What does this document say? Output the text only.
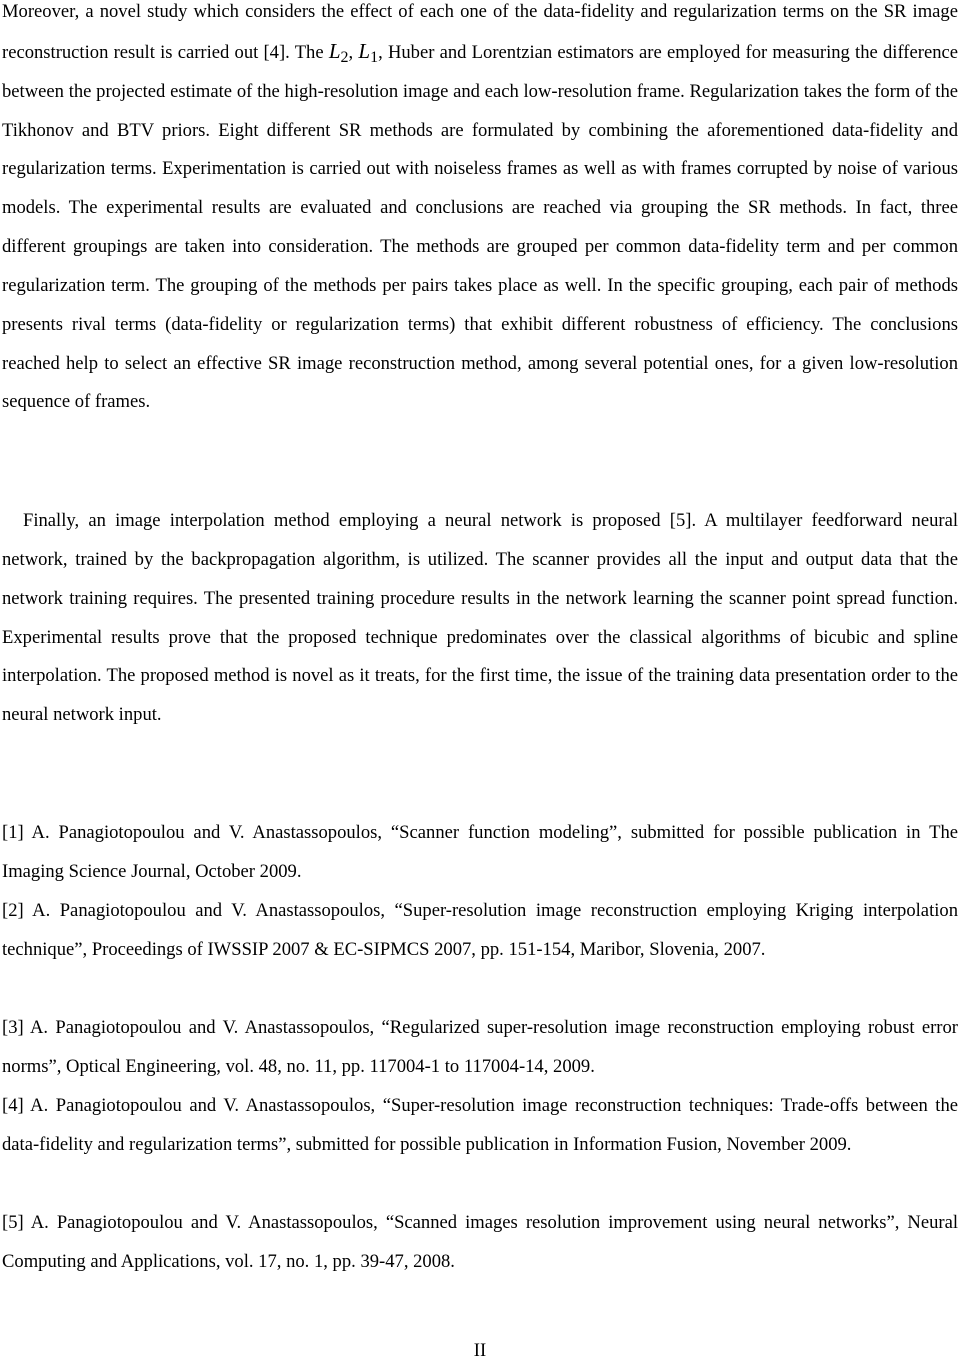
Moreover, a novel study which considers the effect of each one of the data-fidelity and regularization terms on the SR image reconstruction result is carried out [4]. The $L_2$, $L_1$, Huber and Lorentzian estimators are employed for measuring the difference between the projected estimate of the high-resolution image and each low-resolution frame. Regularization takes the form of the Tikhonov and BTV priors. Eight different SR methods are formulated by combining the aforementioned data-fidelity and regularization terms. Experimentation is carried out with noiseless frames as well as with frames corrupted by noise of various models. The experimental results are evaluated and conclusions are reached via grouping the SR methods. In fact, three different groupings are taken into consideration. The methods are grouped per common data-fidelity term and per common regularization term. The grouping of the methods per pairs takes place as well. In the specific grouping, each pair of methods presents rival terms (data-fidelity or regularization terms) that exhibit different robustness of efficiency. The conclusions reached help to select an effective SR image reconstruction method, among several potential ones, for a given low-resolution sequence of frames.

Finally, an image interpolation method employing a neural network is proposed [5]. A multilayer feedforward neural network, trained by the backpropagation algorithm, is utilized. The scanner provides all the input and output data that the network training requires. The presented training procedure results in the network learning the scanner point spread function. Experimental results prove that the proposed technique predominates over the classical algorithms of bicubic and spline interpolation. The proposed method is novel as it treats, for the first time, the issue of the training data presentation order to the neural network input.

[1] A. Panagiotopoulou and V. Anastassopoulos, “Scanner function modeling”, submitted for possible publication in The Imaging Science Journal, October 2009.

[2] A. Panagiotopoulou and V. Anastassopoulos, “Super-resolution image reconstruction employing Kriging interpolation technique”, Proceedings of IWSSIP 2007 & EC-SIPMCS 2007, pp. 151-154, Maribor, Slovenia, 2007.

[3] A. Panagiotopoulou and V. Anastassopoulos, “Regularized super-resolution image reconstruction employing robust error norms”, Optical Engineering, vol. 48, no. 11, pp. 117004-1 to 117004-14, 2009.

[4] A. Panagiotopoulou and V. Anastassopoulos, “Super-resolution image reconstruction techniques: Trade-offs between the data-fidelity and regularization terms”, submitted for possible publication in Information Fusion, November 2009.

[5] A. Panagiotopoulou and V. Anastassopoulos, “Scanned images resolution improvement using neural networks”, Neural Computing and Applications, vol. 17, no. 1, pp. 39-47, 2008.

II
